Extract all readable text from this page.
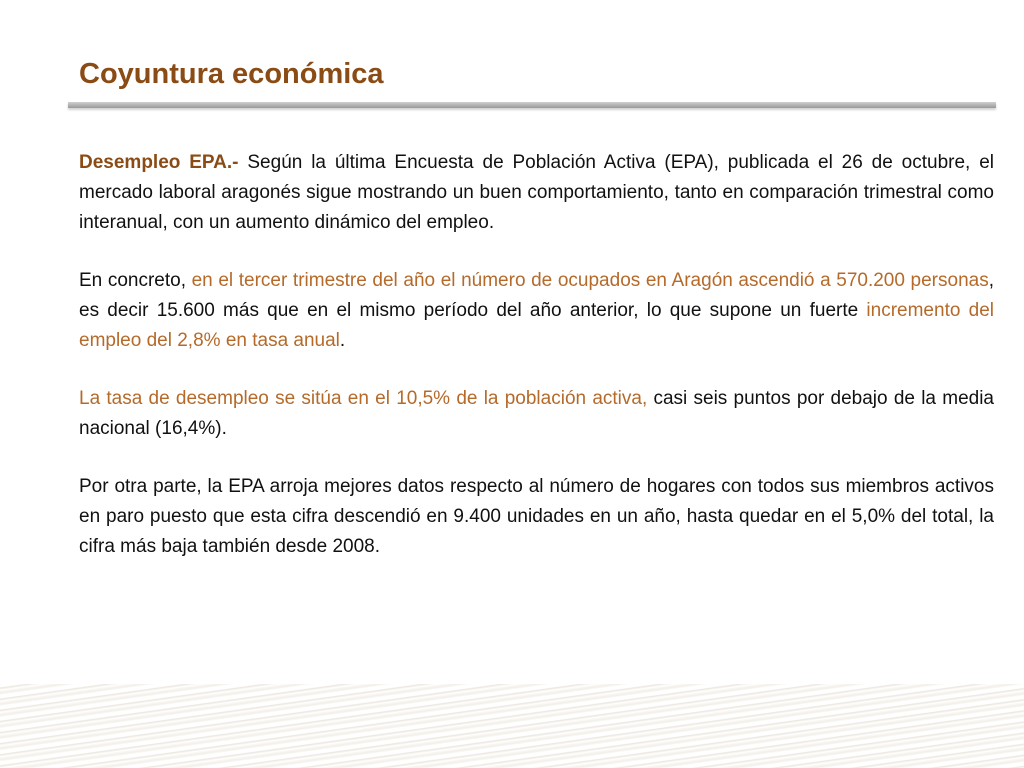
Coyuntura económica

Desempleo EPA.- Según la última Encuesta de Población Activa (EPA), publicada el 26 de octubre, el mercado laboral aragonés sigue mostrando un buen comportamiento, tanto en comparación trimestral como interanual, con un aumento dinámico del empleo.

En concreto, en el tercer trimestre del año el número de ocupados en Aragón ascendió a 570.200 personas, es decir 15.600 más que en el mismo período del año anterior, lo que supone un fuerte incremento del empleo del 2,8% en tasa anual.

La tasa de desempleo se sitúa en el 10,5% de la población activa, casi seis puntos por debajo de la media nacional (16,4%).

Por otra parte, la EPA arroja mejores datos respecto al número de hogares con todos sus miembros activos en paro puesto que esta cifra descendió en 9.400 unidades en un año, hasta quedar en el 5,0% del total, la cifra más baja también desde 2008.
